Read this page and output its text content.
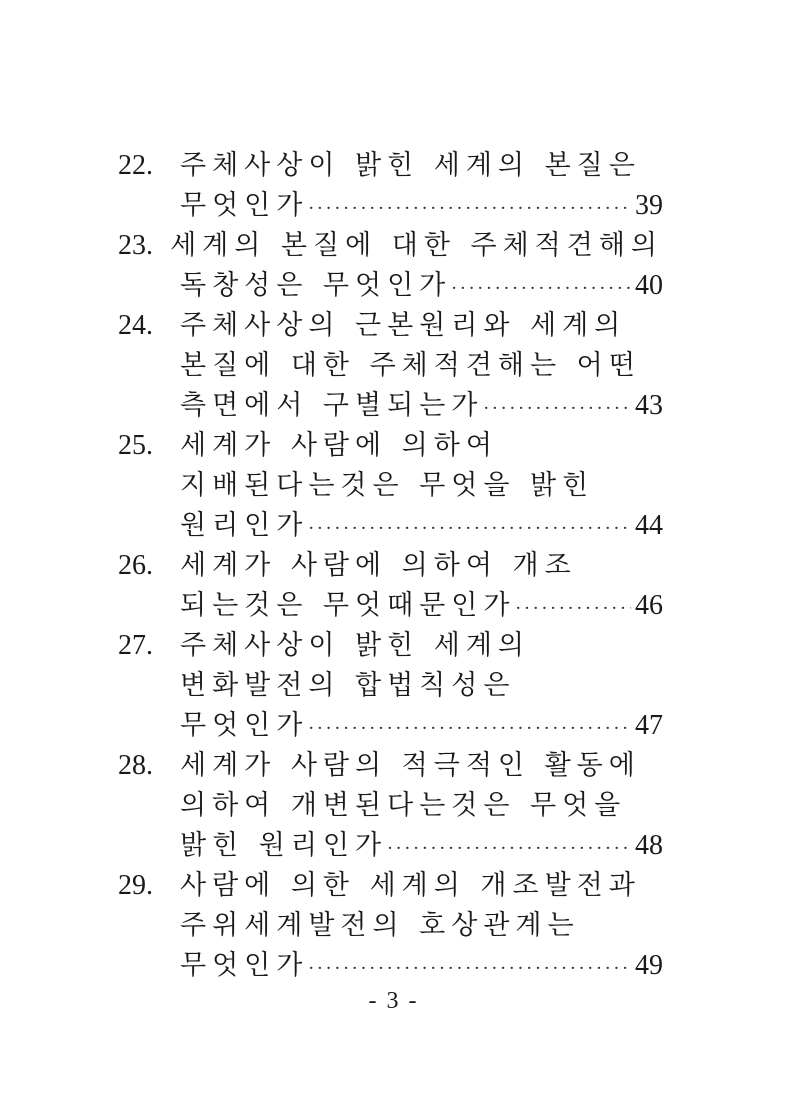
22.	주체사상이 밝힌 세계의 본질은
무엇인가 ·····	39
23. 세계의 본질에 대한 주체적견해의
독창성은 무엇인가 ·····	40
24.	주체사상의 근본원리와 세계의
본질에 대한 주체적견해는 어떤
측면에서 구별되는가 ·····	43
25.	세계가 사람에 의하여
지배된다는것은 무엇을 밝힌
원리인가 ·····	44
26.	세계가 사람에 의하여 개조
되는것은 무엇때문인가 ·····	46
27.	주체사상이 밝힌 세계의
변화발전의 합법칙성은
무엇인가 ·····	47
28.	세계가 사람의 적극적인 활동에
의하여 개변된다는것은 무엇을
밝힌 원리인가 ·····	48
29.	사람에 의한 세계의 개조발전과
주위세계발전의 호상관계는
무엇인가 ·····	49
- 3 -
